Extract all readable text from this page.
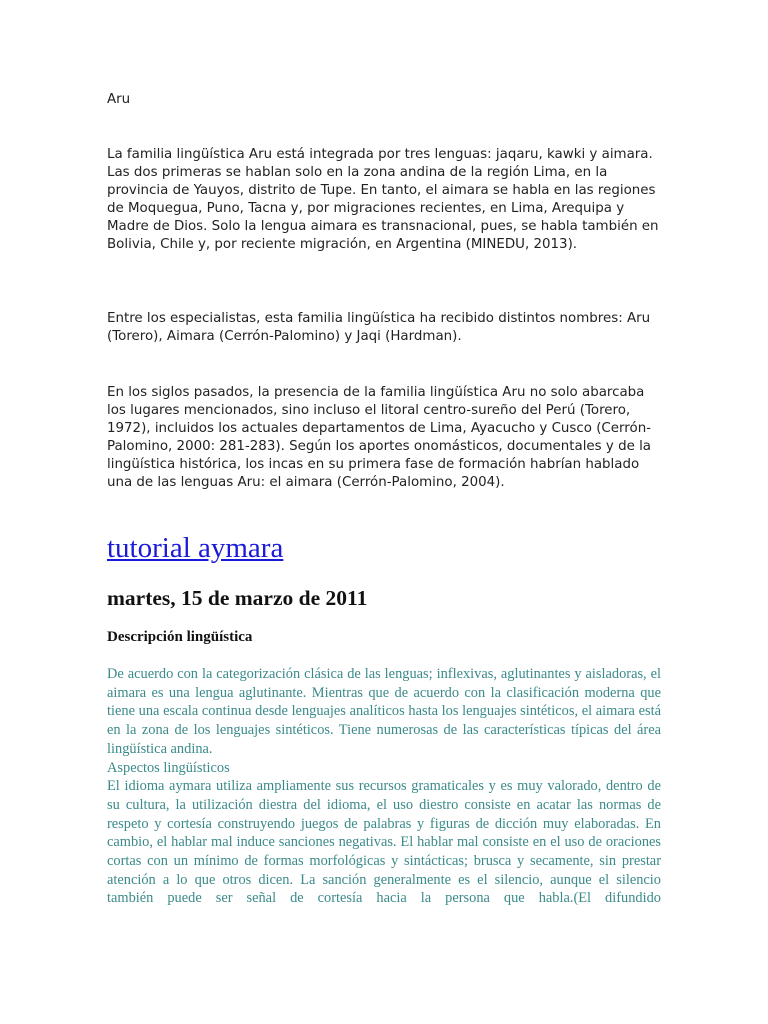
Aru

La familia lingüística Aru está integrada por tres lenguas: jaqaru, kawki y aimara. Las dos primeras se hablan solo en la zona andina de la región Lima, en la provincia de Yauyos, distrito de Tupe. En tanto, el aimara se habla en las regiones de Moquegua, Puno, Tacna y, por migraciones recientes, en Lima, Arequipa y Madre de Dios. Solo la lengua aimara es transnacional, pues, se habla también en Bolivia, Chile y, por reciente migración, en Argentina (MINEDU, 2013).

Entre los especialistas, esta familia lingüística ha recibido distintos nombres: Aru (Torero), Aimara (Cerrón-Palomino) y Jaqi (Hardman).

En los siglos pasados, la presencia de la familia lingüística Aru no solo abarcaba los lugares mencionados, sino incluso el litoral centro-sureño del Perú (Torero, 1972), incluidos los actuales departamentos de Lima, Ayacucho y Cusco (Cerrón-Palomino, 2000: 281-283). Según los aportes onomásticos, documentales y de la lingüística histórica, los incas en su primera fase de formación habrían hablado una de las lenguas Aru: el aimara (Cerrón-Palomino, 2004).

tutorial aymara
martes, 15 de marzo de 2011
Descripción lingüística

De acuerdo con la categorización clásica de las lenguas; inflexivas, aglutinantes y aisladoras, el aimara es una lengua aglutinante. Mientras que de acuerdo con la clasificación moderna que tiene una escala continua desde lenguajes analíticos hasta los lenguajes sintéticos, el aimara está en la zona de los lenguajes sintéticos. Tiene numerosas de las características típicas del área lingüística andina.

Aspectos lingüísticos

El idioma aymara utiliza ampliamente sus recursos gramaticales y es muy valorado, dentro de su cultura, la utilización diestra del idioma, el uso diestro consiste en acatar las normas de respeto y cortesía construyendo juegos de palabras y figuras de dicción muy elaboradas. En cambio, el hablar mal induce sanciones negativas. El hablar mal consiste en el uso de oraciones cortas con un mínimo de formas morfológicas y sintácticas; brusca y secamente, sin prestar atención a lo que otros dicen. La sanción generalmente es el silencio, aunque el silencio también puede ser señal de cortesía hacia la persona que habla.(El difundido
